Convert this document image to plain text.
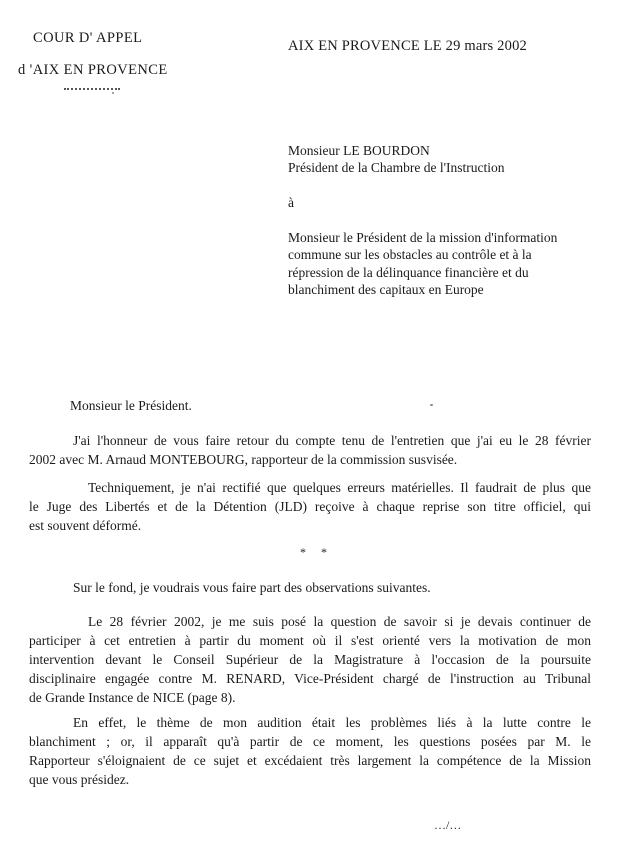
COUR D' APPEL
d 'AIX EN PROVENCE
AIX EN PROVENCE LE 29 mars 2002
Monsieur LE BOURDON
Président de la Chambre de l'Instruction
à
Monsieur le Président de la mission d'information
commune sur les obstacles au contrôle et à la
répression de la délinquance financière et du
blanchiment des capitaux en Europe
Monsieur le Président.
J'ai l'honneur de vous faire retour du compte tenu de l'entretien que j'ai eu le 28 février
2002 avec M. Arnaud MONTEBOURG, rapporteur de la commission susvisée.
Techniquement, je n'ai rectifié que quelques erreurs matérielles. Il faudrait de plus que
le Juge des Libertés et de la Détention (JLD) reçoive à chaque reprise son titre officiel, qui
est souvent déformé.
* *
Sur le fond, je voudrais vous faire part des observations suivantes.
Le 28 février 2002, je me suis posé la question de savoir si je devais continuer de
participer à cet entretien à partir du moment où il s'est orienté vers la motivation de mon
intervention devant le Conseil Supérieur de la Magistrature à l'occasion de la poursuite
disciplinaire engagée contre M. RENARD, Vice-Président chargé de l'instruction au Tribunal
de Grande Instance de NICE (page 8).
En effet, le thème de mon audition était les problèmes liés à la lutte contre le
blanchiment ; or, il apparaît qu'à partir de ce moment, les questions posées par M. le
Rapporteur s'éloignaient de ce sujet et excédaient très largement la compétence de la Mission
que vous présidez.
…/…
